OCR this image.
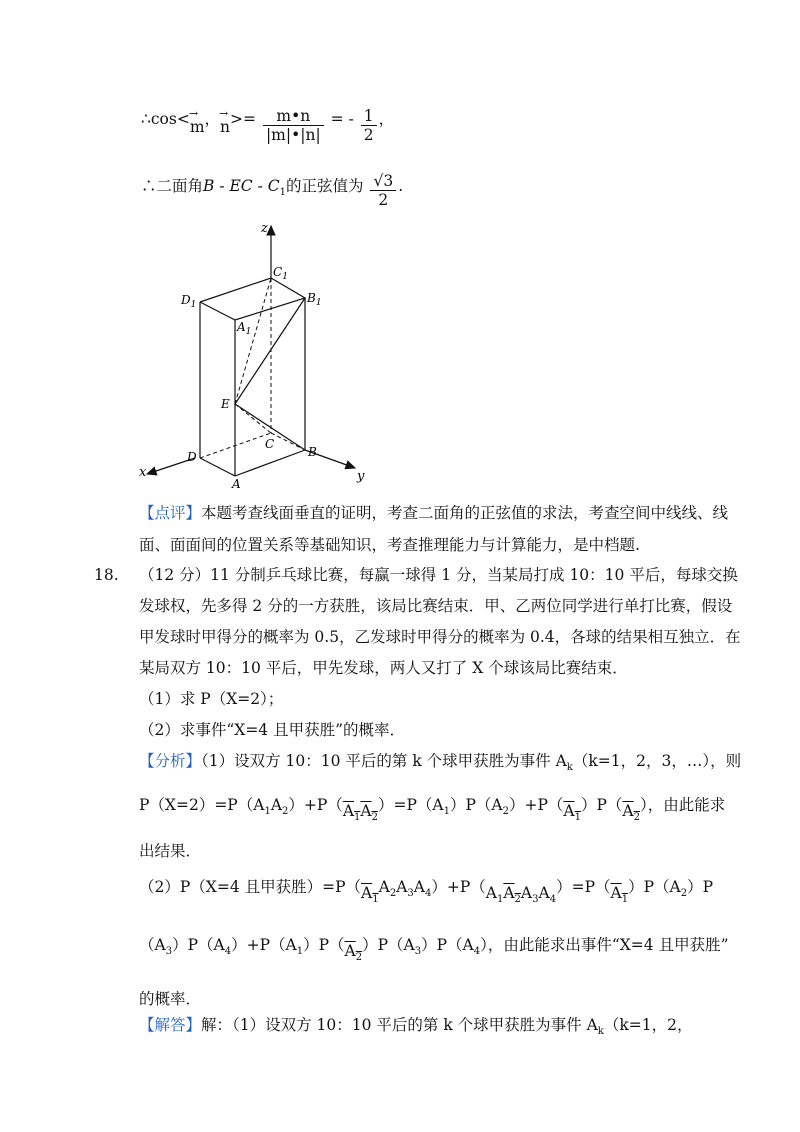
∴cos<→ m，→ $n>= \frac{m•n}{|m|•|n|}$ = - $\frac{1}{2}$ ，
∴二面角B - EC - $C_1$的正弦值为 $\frac{√3}{2}$ .
z
x	y
$C_1$
$D_1$	$B_1$
$A_1$
E
C
D	B
A
【点评】本题考查线面垂直的证明，考查二面角的正弦值的求法，考查空间中线线、线
面、面面间的位置关系等基础知识，考查推理能力与计算能力，是中档题.
18. （12 分）11 分制乒乓球比赛，每赢一球得 1 分，当某局打成 10：10 平后，每球交换
发球权，先多得 2 分的一方获胜，该局比赛结束．甲、乙两位同学进行单打比赛，假设
甲发球时甲得分的概率为 0.5，乙发球时甲得分的概率为 0.4，各球的结果相互独立．在
某局双方 10：10 平后，甲先发球，两人又打了 X 个球该局比赛结束．
（1）求 P（X=2）；
（2）求事件“X=4 且甲获胜”的概率．
【分析】（1）设双方 10：10 平后的第 k 个球甲获胜为事件 $A_k(k=1$，2，3，…），则
$P(X=2)=P(A_1A_2)+P(A_1A_2)=P(A_1)P(A_2)+P(A_1)P(A_2)$，由此能求
出结果．
（2）P（X=4 且甲获胜）$=P(A_1A_2A_3A_4)+P(A_1A_2A_3A_4)=P(A_1)P(A_2)P$
$(A_3)P(A_4)+P(A_1)P(A_2)P(A_3)P(A_4)$，由此能求出事件“X=4 且甲获胜”
的概率．
【解答】解：（1）设双方 10：10 平后的第 k 个球甲获胜为事件 $A_k(k=1$，2，
